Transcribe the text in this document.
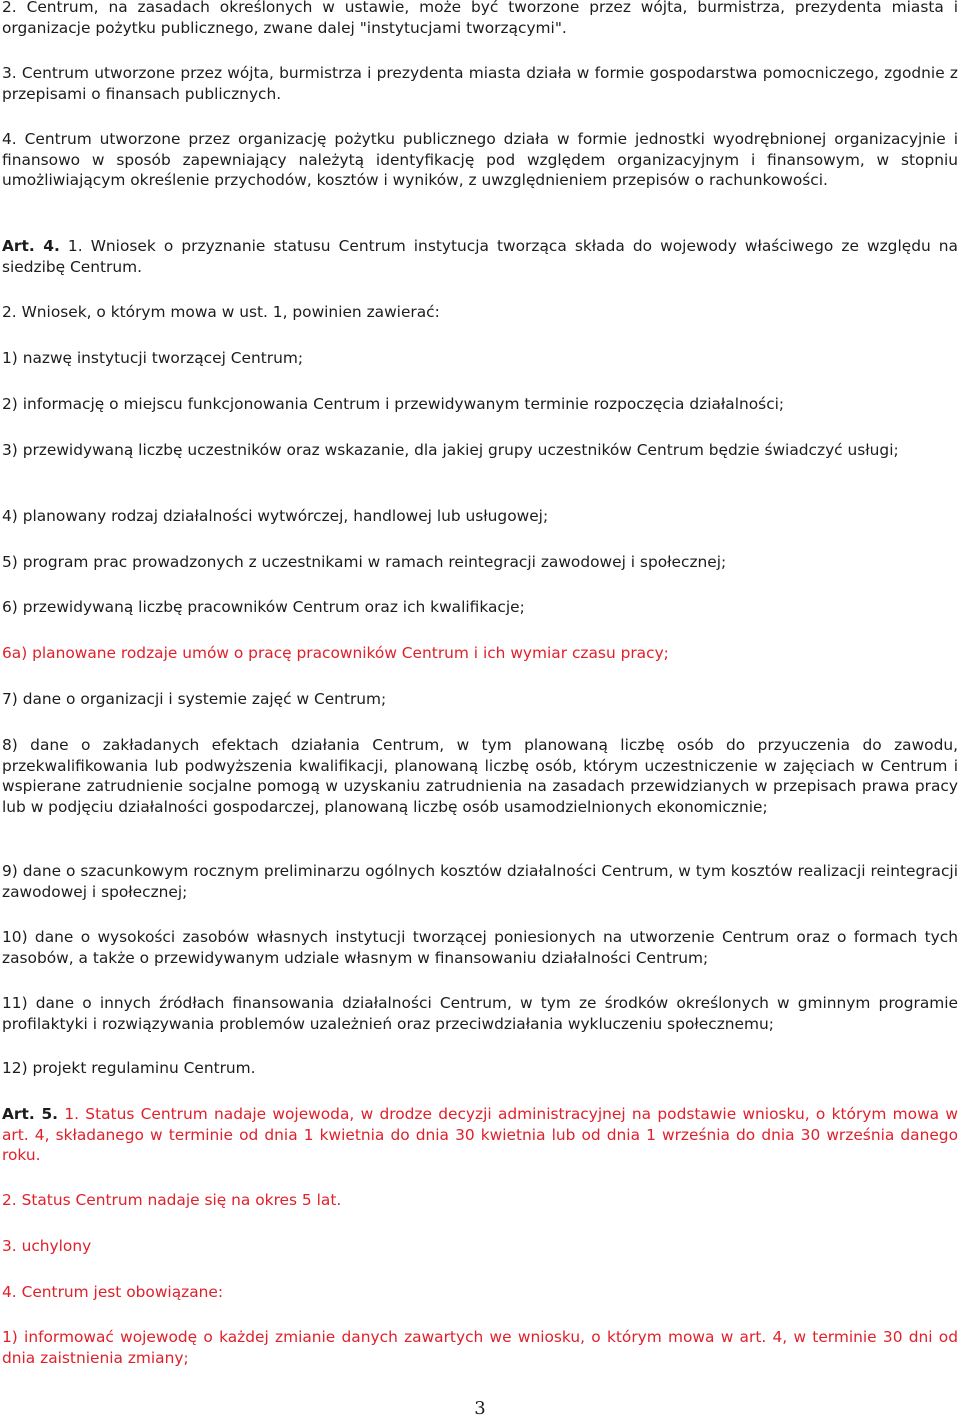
2. Centrum, na zasadach określonych w ustawie, może być tworzone przez wójta, burmistrza, prezydenta miasta i organizacje pożytku publicznego, zwane dalej "instytucjami tworzącymi".

3. Centrum utworzone przez wójta, burmistrza i prezydenta miasta działa w formie gospodarstwa pomocniczego, zgodnie z przepisami o finansach publicznych.

4. Centrum utworzone przez organizację pożytku publicznego działa w formie jednostki wyodrębnionej organizacyjnie i finansowo w sposób zapewniający należytą identyfikację pod względem organizacyjnym i finansowym, w stopniu umożliwiającym określenie przychodów, kosztów i wyników, z uwzględnieniem przepisów o rachunkowości.

Art. 4. 1. Wniosek o przyznanie statusu Centrum instytucja tworząca składa do wojewody właściwego ze względu na siedzibę Centrum.

2. Wniosek, o którym mowa w ust. 1, powinien zawierać:

1) nazwę instytucji tworzącej Centrum;

2) informację o miejscu funkcjonowania Centrum i przewidywanym terminie rozpoczęcia działalności;

3) przewidywaną liczbę uczestników oraz wskazanie, dla jakiej grupy uczestników Centrum będzie świadczyć usługi;

4) planowany rodzaj działalności wytwórczej, handlowej lub usługowej;

5) program prac prowadzonych z uczestnikami w ramach reintegracji zawodowej i społecznej;

6) przewidywaną liczbę pracowników Centrum oraz ich kwalifikacje;

6a) planowane rodzaje umów o pracę pracowników Centrum i ich wymiar czasu pracy;

7) dane o organizacji i systemie zajęć w Centrum;

8) dane o zakładanych efektach działania Centrum, w tym planowaną liczbę osób do przyuczenia do zawodu, przekwalifikowania lub podwyższenia kwalifikacji, planowaną liczbę osób, którym uczestniczenie w zajęciach w Centrum i wspierane zatrudnienie socjalne pomogą w uzyskaniu zatrudnienia na zasadach przewidzianych w przepisach prawa pracy lub w podjęciu działalności gospodarczej, planowaną liczbę osób usamodzielnionych ekonomicznie;

9) dane o szacunkowym rocznym preliminarzu ogólnych kosztów działalności Centrum, w tym kosztów realizacji reintegracji zawodowej i społecznej;

10) dane o wysokości zasobów własnych instytucji tworzącej poniesionych na utworzenie Centrum oraz o formach tych zasobów, a także o przewidywanym udziale własnym w finansowaniu działalności Centrum;

11) dane o innych źródłach finansowania działalności Centrum, w tym ze środków określonych w gminnym programie profilaktyki i rozwiązywania problemów uzależnień oraz przeciwdziałania wykluczeniu społecznemu;

12) projekt regulaminu Centrum.

Art. 5. 1. Status Centrum nadaje wojewoda, w drodze decyzji administracyjnej na podstawie wniosku, o którym mowa w art. 4, składanego w terminie od dnia 1 kwietnia do dnia 30 kwietnia lub od dnia 1 września do dnia 30 września danego roku.

2. Status Centrum nadaje się na okres 5 lat.

3. uchylony

4. Centrum jest obowiązane:

1) informować wojewodę o każdej zmianie danych zawartych we wniosku, o którym mowa w art. 4, w terminie 30 dni od dnia zaistnienia zmiany;

3
